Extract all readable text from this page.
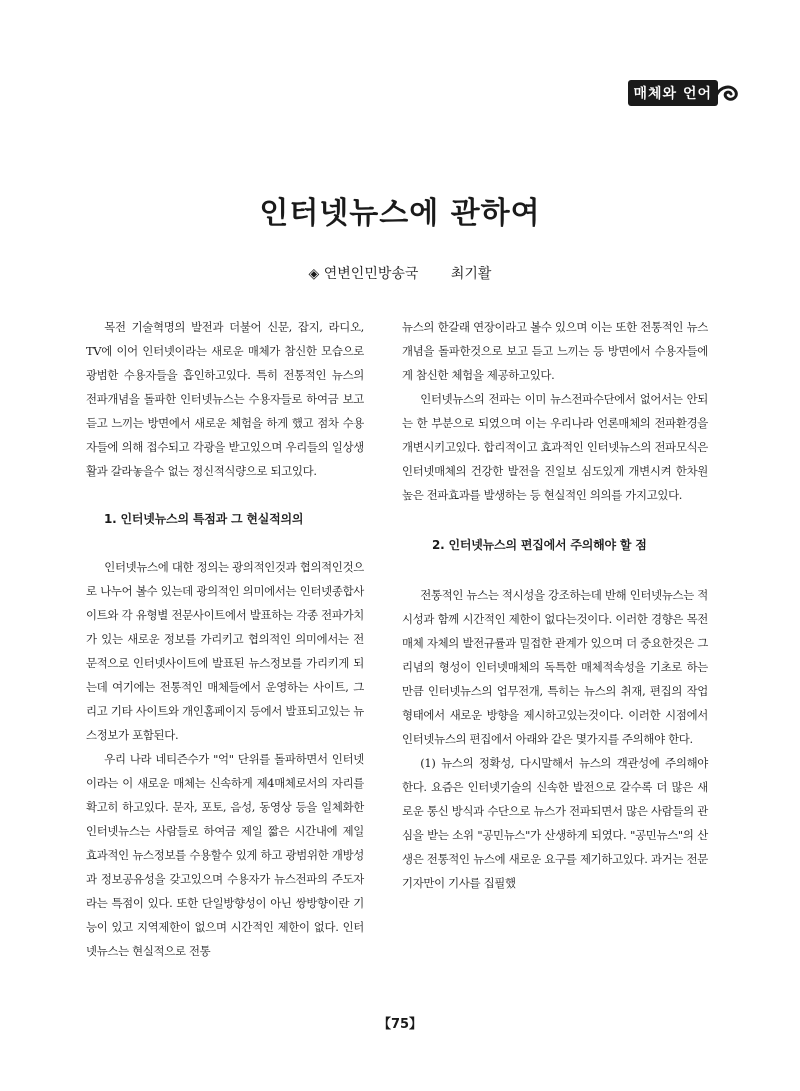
매체와 언어
인터넷뉴스에 관하여
◈ 연변인민방송국 최기활

목전 기술혁명의 발전과 더불어 신문, 잡지, 라디오, TV에 이어 인터넷이라는 새로운 매체가 참신한 모습으로 광범한 수용자들을 흡인하고있다. 특히 전통적인 뉴스의 전파개념을 돌파한 인터넷뉴스는 수용자들로 하여금 보고 듣고 느끼는 방면에서 새로운 체험을 하게 했고 점차 수용자들에 의해 접수되고 각광을 받고있으며 우리들의 일상생활과 갈라놓을수 없는 정신적식량으로 되고있다.

1. 인터넷뉴스의 특점과 그 현실적의의

인터넷뉴스에 대한 정의는 광의적인것과 협의적인것으로 나누어 볼수 있는데 광의적인 의미에서는 인터넷종합사이트와 각 유형별 전문사이트에서 발표하는 각종 전파가치가 있는 새로운 정보를 가리키고 협의적인 의미에서는 전문적으로 인터넷사이트에 발표된 뉴스정보를 가리키게 되는데 여기에는 전통적인 매체들에서 운영하는 사이트, 그리고 기타 사이트와 개인홈페이지 등에서 발표되고있는 뉴스정보가 포함된다.

우리 나라 네티즌수가 "억" 단위를 돌파하면서 인터넷이라는 이 새로운 매체는 신속하게 제4매체로서의 자리를 확고히 하고있다. 문자, 포토, 음성, 동영상 등을 일체화한 인터넷뉴스는 사람들로 하여금 제일 짧은 시간내에 제일 효과적인 뉴스정보를 수용할수 있게 하고 광범위한 개방성과 정보공유성을 갖고있으며 수용자가 뉴스전파의 주도자라는 특점이 있다. 또한 단일방향성이 아닌 쌍방향이란 기능이 있고 지역제한이 없으며 시간적인 제한이 없다. 인터넷뉴스는 현실적으로 전통

뉴스의 한갈래 연장이라고 볼수 있으며 이는 또한 전통적인 뉴스개념을 돌파한것으로 보고 듣고 느끼는 등 방면에서 수용자들에게 참신한 체험을 제공하고있다.

인터넷뉴스의 전파는 이미 뉴스전파수단에서 없어서는 안되는 한 부분으로 되였으며 이는 우리나라 언론매체의 전파환경을 개변시키고있다. 합리적이고 효과적인 인터넷뉴스의 전파모식은 인터넷매체의 건강한 발전을 진일보 심도있게 개변시켜 한차원 높은 전파효과를 발생하는 등 현실적인 의의를 가지고있다.

2. 인터넷뉴스의 편집에서 주의해야 할 점

전통적인 뉴스는 적시성을 강조하는데 반해 인터넷뉴스는 적시성과 함께 시간적인 제한이 없다는것이다. 이러한 경향은 목전 매체 자체의 발전규률과 밀접한 관계가 있으며 더 중요한것은 그 리념의 형성이 인터넷매체의 독특한 매체적속성을 기초로 하는만큼 인터넷뉴스의 업무전개, 특히는 뉴스의 취재, 편집의 작업형태에서 새로운 방향을 제시하고있는것이다. 이러한 시점에서 인터넷뉴스의 편집에서 아래와 같은 몇가지를 주의해야 한다.

(1) 뉴스의 정확성, 다시말해서 뉴스의 객관성에 주의해야 한다. 요즘은 인터넷기술의 신속한 발전으로 갈수록 더 많은 새로운 통신 방식과 수단으로 뉴스가 전파되면서 많은 사람들의 관심을 받는 소위 "공민뉴스"가 산생하게 되였다. "공민뉴스"의 산생은 전통적인 뉴스에 새로운 요구를 제기하고있다. 과거는 전문기자만이 기사를 집필했

【75】
